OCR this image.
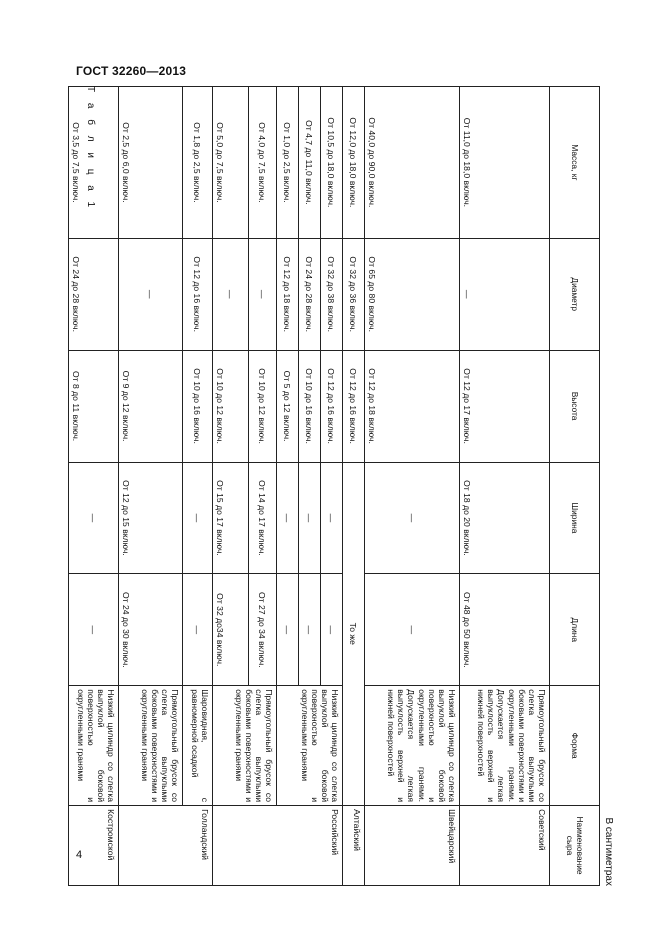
ГОСТ 32260—2013
4	В сантиметрах
Масса, кг	Диаметр	Высота	Ширина	Длина	Форма	Наименование сыра
От 11,0 до 18,0 включ.	—	От 12 до 17 включ.	От 18 до 20 включ.	От 48 до 50 включ.	Прямоугольный брусок со слегка выпуклыми боковыми поверхностями и округленными гранями. Допускается легкая выпуклость верхней и нижней поверхностей	Советский
От 40,0 до 90,0 включ.	От 65 до 80 включ.	От 12 до 18 включ.	—	—	Низкий цилиндр со слегка выпуклой боковой поверхностью и округленными гранями. Допускается легкая выпуклость верхней и нижней поверхностей	Швейцарский
От 12,0 до 18,0 включ.	От 32 до 36 включ.	От 12 до 16 включ.	То же			Алтайский
От 10,5 до 18,0 включ.	От 32 до 38 включ.	От 12 до 16 включ.	—	—	Низкий цилиндр со слегка выпуклой боковой поверхностью и округленными гранями	Российский
От 4,7 до 11,0 включ.	От 24 до 28 включ.	От 10 до 16 включ.	—	—		
От 1,0 до 2,5 включ.	От 12 до 18 включ.	От 5 до 12 включ.	—	—		
От 4,0 до 7,5 включ.	—	От 10 до 12 включ.	От 14 до 17 включ.	От 27 до 34 включ.	Прямоугольный брусок со слегка выпуклыми боковыми поверхностями и округленными гранями	
От 5,0 до 7,5 включ.	—	От 10 до 12 включ.	От 15 до 17 включ.	От 32 до34 включ.		
От 1,8 до 2,5 включ.	От 12 до 16 включ.	От 10 до 16 включ.	—	—	Шаровидная, с равномерной осадкой	Голландский
От 2,5 до 6,0 включ.	—	От 9 до 12 включ.	От 12 до 15 включ.	От 24 до 30 включ.	Прямоугольный брусок со слегка выпуклыми боковыми поверхностями и округленными гранями	
От 3,5 до 7,5 включ.	От 24 до 28 включ.	От 8 до 11 включ.	—	—	Низкий цилиндр со слегка выпуклой боковой поверхностью и округленными гранями	Костромской
Т а б л и ц а 1
